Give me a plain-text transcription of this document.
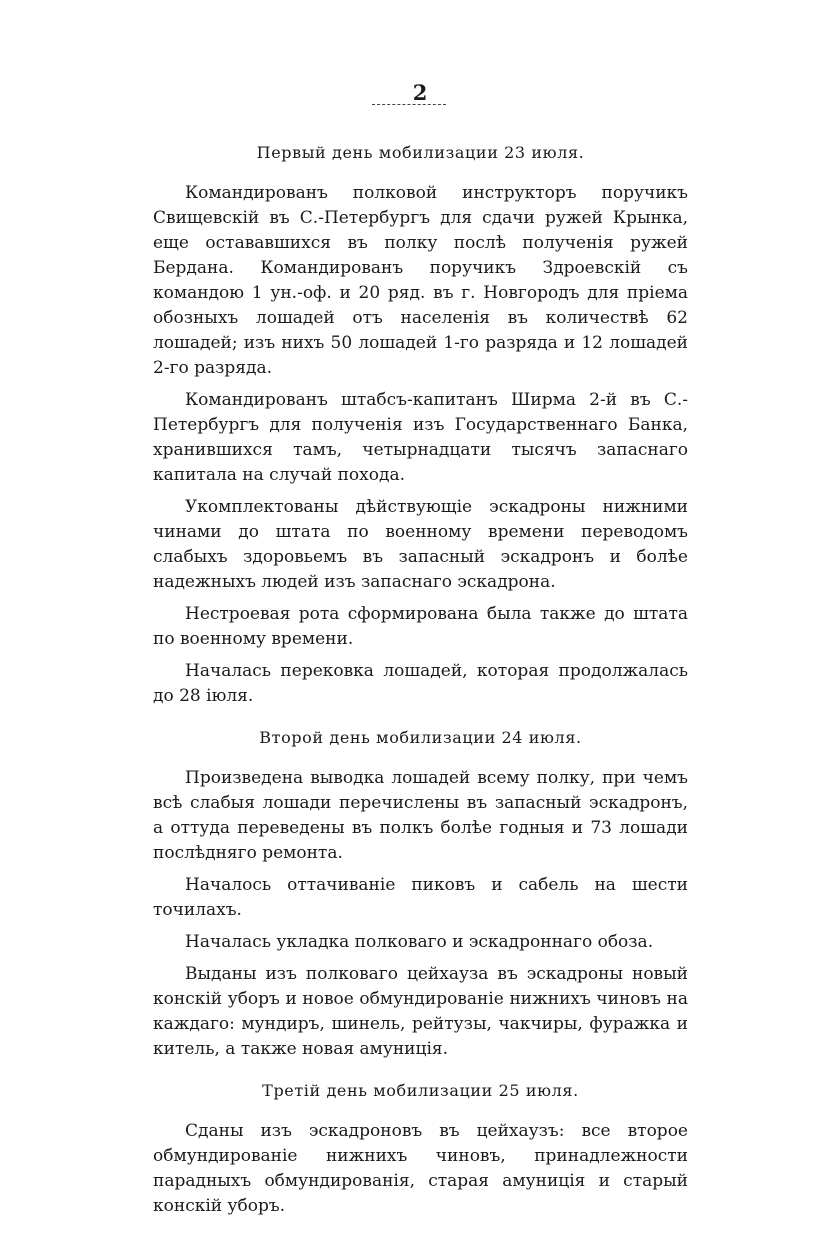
2
Первый день мобилизации 23 июля.

Командированъ полковой инструкторъ поручикъ Свищевскій въ С.-Петербургъ для сдачи ружей Крынка, еще остававшихся въ полку послѣ полученія ружей Бердана. Командированъ поручикъ Здроевскій съ командою 1 ун.-оф. и 20 ряд. въ г. Новгородъ для пріема обозныхъ лошадей отъ населенія въ количествѣ 62 лошадей; изъ нихъ 50 лошадей 1-го разряда и 12 лошадей 2-го разряда.

Командированъ штабсъ-капитанъ Ширма 2-й въ С.-Петербургъ для полученія изъ Государственнаго Банка, хранившихся тамъ, четырнадцати тысячъ запаснаго капитала на случай похода.

Укомплектованы дѣйствующіе эскадроны нижними чинами до штата по военному времени переводомъ слабыхъ здоровьемъ въ запасный эскадронъ и болѣе надежныхъ людей изъ запаснаго эскадрона.

Нестроевая рота сформирована была также до штата по военному времени.

Началась перековка лошадей, которая продолжалась до 28 іюля.

Второй день мобилизации 24 июля.

Произведена выводка лошадей всему полку, при чемъ всѣ слабыя лошади перечислены въ запасный эскадронъ, а оттуда переведены въ полкъ болѣе годныя и 73 лошади послѣдняго ремонта.

Началось оттачиваніе пиковъ и сабель на шести точилахъ.

Началась укладка полковаго и эскадроннаго обоза.

Выданы изъ полковаго цейхауза въ эскадроны новый конскій уборъ и новое обмундированіе нижнихъ чиновъ на каждаго: мундиръ, шинель, рейтузы, чакчиры, фуражка и китель, а также новая амуниція.

Третій день мобилизации 25 июля.

Сданы изъ эскадроновъ въ цейхаузъ: все второе обмундированіе нижнихъ чиновъ, принадлежности парадныхъ обмундированія, старая амуниція и старый конскій уборъ.
